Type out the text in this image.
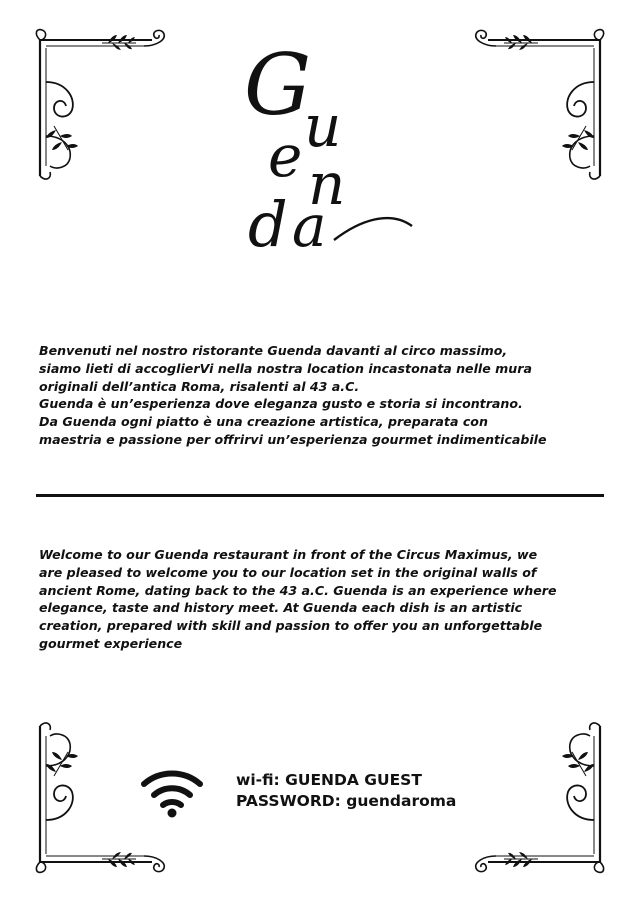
G
u
e n
d a

Benvenuti nel nostro ristorante Guenda davanti al circo massimo,

siamo lieti di accoglierVi nella nostra location incastonata nelle mura

originali dell’antica Roma, risalenti al 43 a.C.

Guenda è un’esperienza dove eleganza gusto e storia si incontrano.

Da Guenda ogni piatto è una creazione artistica, preparata con

maestria e passione per offrirvi un’esperienza gourmet indimenticabile

Welcome to our Guenda restaurant in front of the Circus Maximus, we

are pleased to welcome you to our location set in the original walls of

ancient Rome, dating back to the 43 a.C. Guenda is an experience where

elegance, taste and history meet. At Guenda each dish is an artistic

creation, prepared with skill and passion to offer you an unforgettable

gourmet experience

wi-fi: GUENDA GUEST
PASSWORD: guendaroma
